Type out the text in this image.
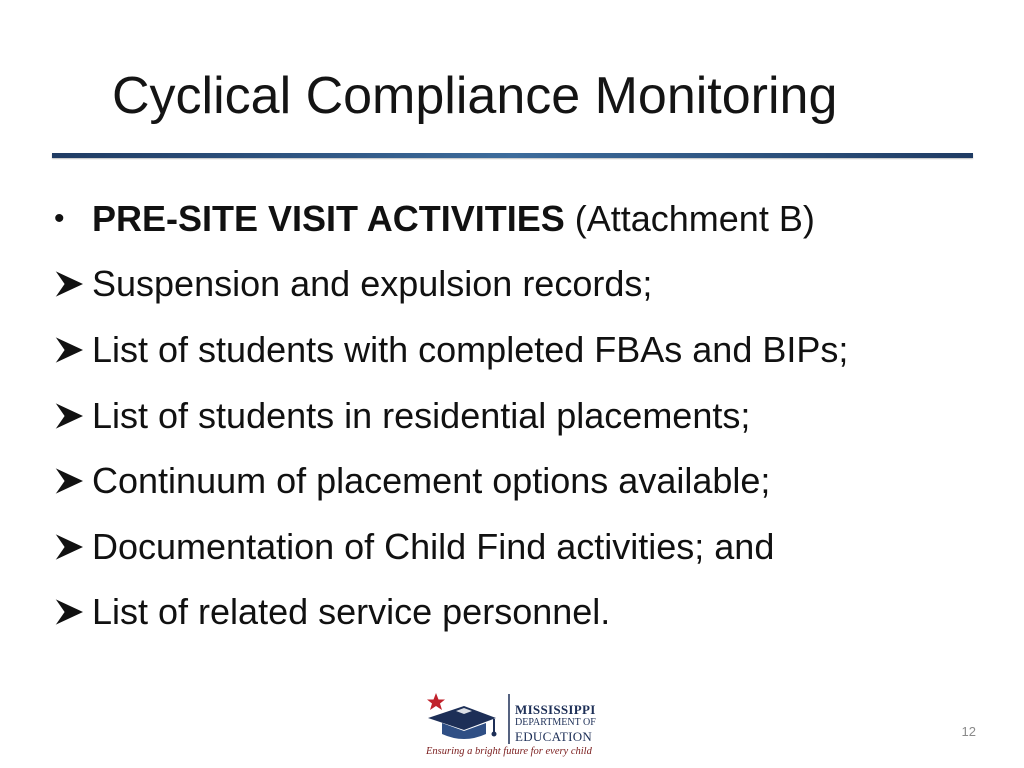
Cyclical Compliance Monitoring
• PRE-SITE VISIT ACTIVITIES (Attachment B)
Suspension and expulsion records;
List of students with completed FBAs and BIPs;
List of students in residential placements;
Continuum of placement options available;
Documentation of Child Find activities; and
List of related service personnel.
MISSISSIPPI
DEPARTMENT OF
EDUCATION
Ensuring a bright future for every child
12
